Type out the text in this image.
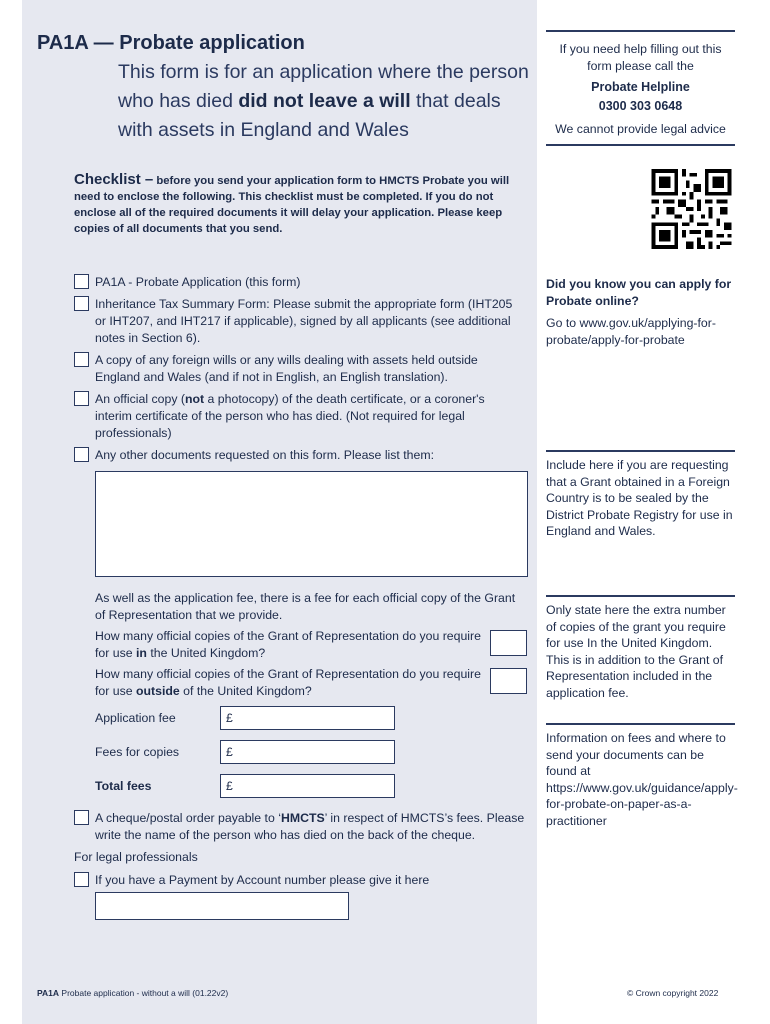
PA1A — Probate application
This form is for an application where the person who has died did not leave a will that deals with assets in England and Wales
If you need help filling out this form please call the
Probate Helpline
0300 303 0648
We cannot provide legal advice
Checklist – before you send your application form to HMCTS Probate you will need to enclose the following. This checklist must be completed. If you do not enclose all of the required documents it will delay your application. Please keep copies of all documents that you send.
PA1A - Probate Application (this form)
Inheritance Tax Summary Form: Please submit the appropriate form (IHT205 or IHT207, and IHT217 if applicable), signed by all applicants (see additional notes in Section 6).
A copy of any foreign wills or any wills dealing with assets held outside England and Wales (and if not in English, an English translation).
An official copy (not a photocopy) of the death certificate, or a coroner's interim certificate of the person who has died. (Not required for legal professionals)
Any other documents requested on this form. Please list them:
Did you know you can apply for Probate online?
Go to www.gov.uk/applying-for-probate/apply-for-probate
Include here if you are requesting that a Grant obtained in a Foreign Country is to be sealed by the District Probate Registry for use in England and Wales.
Only state here the extra number of copies of the grant you require for use In the United Kingdom. This is in addition to the Grant of Representation included in the application fee.
Information on fees and where to send your documents can be found at https://www.gov.uk/guidance/apply-for-probate-on-paper-as-a-practitioner
As well as the application fee, there is a fee for each official copy of the Grant of Representation that we provide.
How many official copies of the Grant of Representation do you require for use in the United Kingdom?
How many official copies of the Grant of Representation do you require for use outside of the United Kingdom?
Application fee	£
Fees for copies	£
Total fees	£
A cheque/postal order payable to ‘HMCTS’ in respect of HMCTS’s fees. Please write the name of the person who has died on the back of the cheque.
For legal professionals
If you have a Payment by Account number please give it here
PA1A Probate application - without a will (01.22v2)	© Crown copyright 2022
